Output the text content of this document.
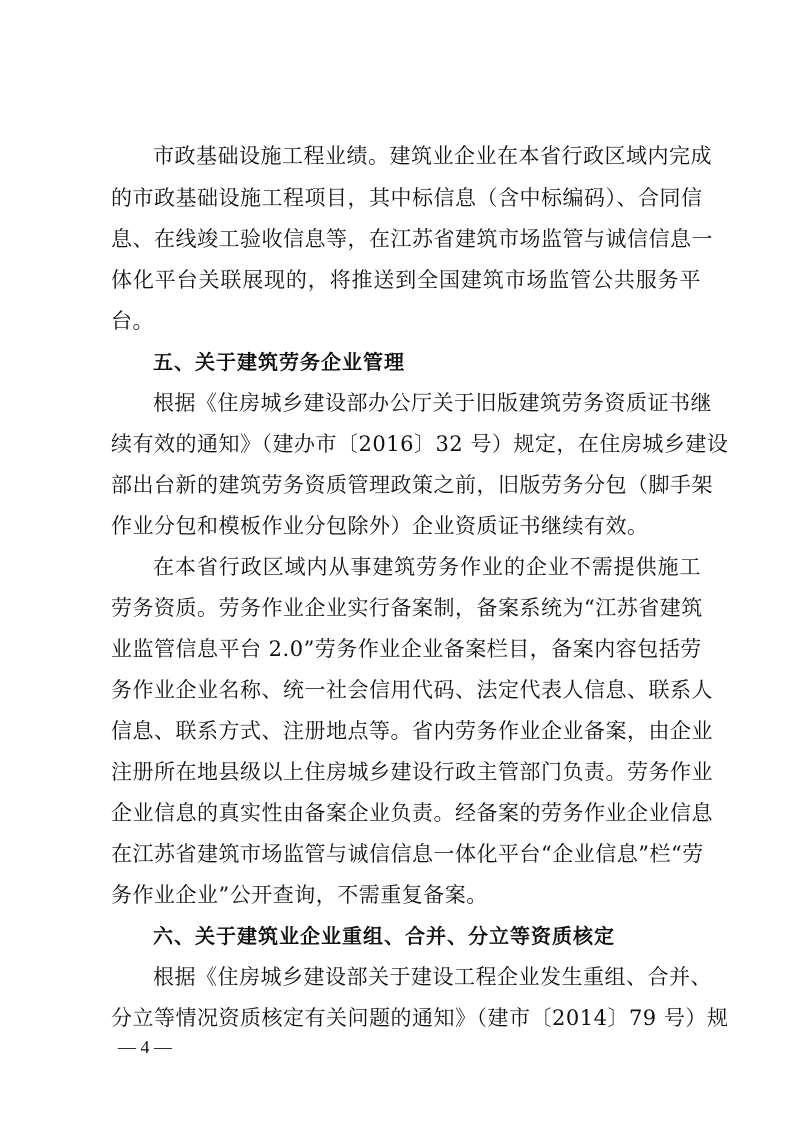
市政基础设施工程业绩。建筑业企业在本省行政区域内完成
的市政基础设施工程项目，其中标信息（含中标编码）、合同信
息、在线竣工验收信息等，在江苏省建筑市场监管与诚信信息一
体化平台关联展现的，将推送到全国建筑市场监管公共服务平
台。
五、关于建筑劳务企业管理
根据《住房城乡建设部办公厅关于旧版建筑劳务资质证书继
续有效的通知》（建办市〔2016〕32 号）规定，在住房城乡建设
部出台新的建筑劳务资质管理政策之前，旧版劳务分包（脚手架
作业分包和模板作业分包除外）企业资质证书继续有效。
在本省行政区域内从事建筑劳务作业的企业不需提供施工
劳务资质。劳务作业企业实行备案制，备案系统为“江苏省建筑
业监管信息平台 2.0”劳务作业企业备案栏目，备案内容包括劳
务作业企业名称、统一社会信用代码、法定代表人信息、联系人
信息、联系方式、注册地点等。省内劳务作业企业备案，由企业
注册所在地县级以上住房城乡建设行政主管部门负责。劳务作业
企业信息的真实性由备案企业负责。经备案的劳务作业企业信息
在江苏省建筑市场监管与诚信信息一体化平台“企业信息”栏“劳
务作业企业”公开查询，不需重复备案。
六、关于建筑业企业重组、合并、分立等资质核定
根据《住房城乡建设部关于建设工程企业发生重组、合并、
分立等情况资质核定有关问题的通知》（建市〔2014〕79 号）规
— 4 —
